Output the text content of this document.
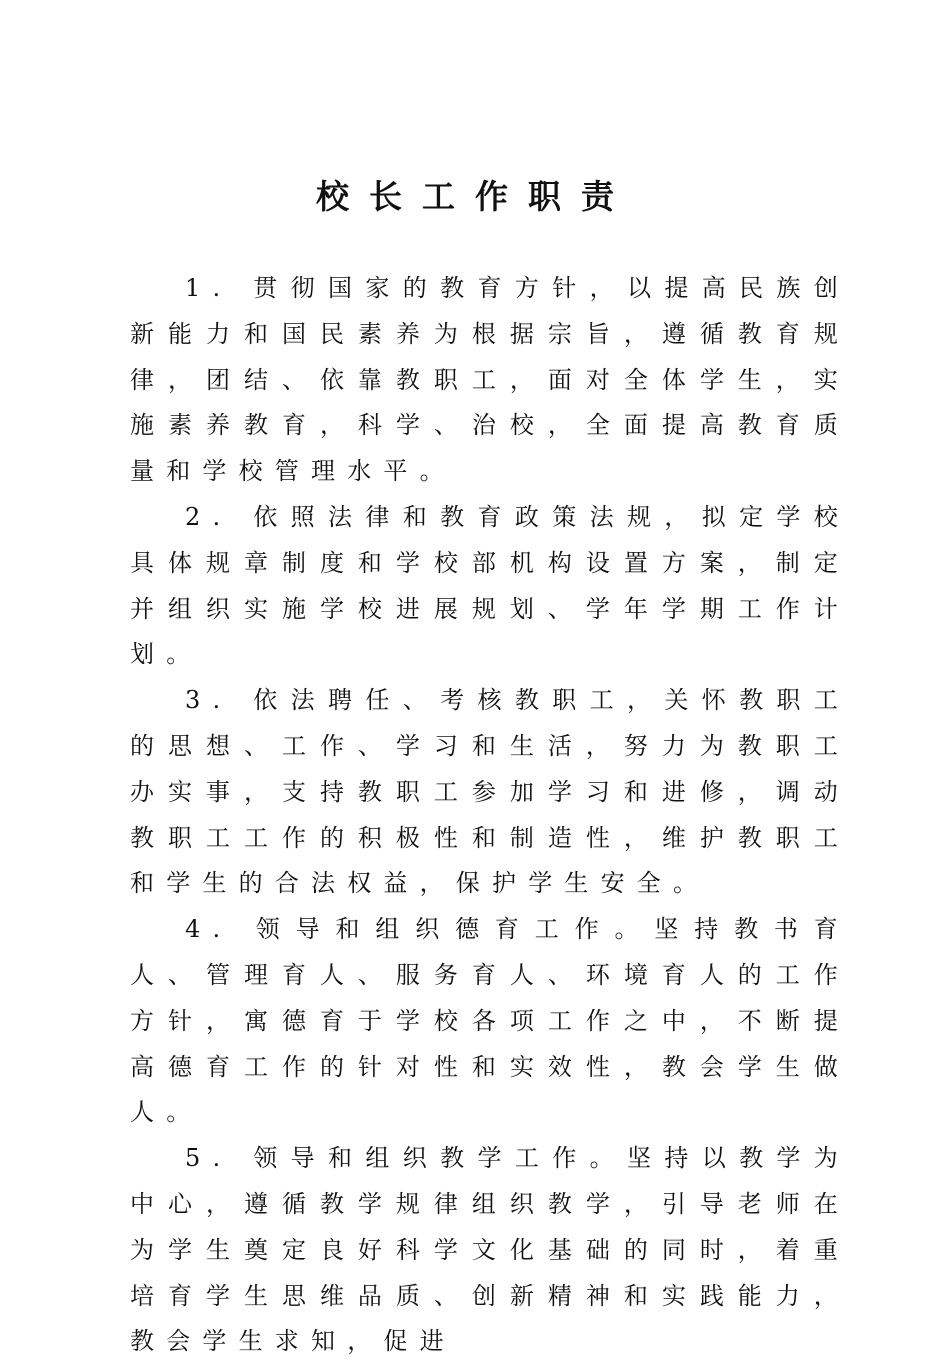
校长工作职责

1. 贯彻国家的教育方针，以提高民族创新能力和国民素养为根据宗旨，遵循教育规律，团结、依靠教职工，面对全体学生，实施素养教育，科学、治校，全面提高教育质量和学校管理水平。

2. 依照法律和教育政策法规，拟定学校具体规章制度和学校部机构设置方案，制定并组织实施学校进展规划、学年学期工作计划。

3. 依法聘任、考核教职工，关怀教职工的思想、工作、学习和生活，努力为教职工办实事，支持教职工参加学习和进修，调动教职工工作的积极性和制造性，维护教职工和学生的合法权益，保护学生安全。

4. 领导和组织德育工作。坚持教书育人、管理育人、服务育人、环境育人的工作方针，寓德育于学校各项工作之中，不断提高德育工作的针对性和实效性，教会学生做人。

5. 领导和组织教学工作。坚持以教学为中心，遵循教学规律组织教学，引导老师在为学生奠定良好科学文化基础的同时，着重培育学生思维品质、创新精神和实践能力，教会学生求知，促进
